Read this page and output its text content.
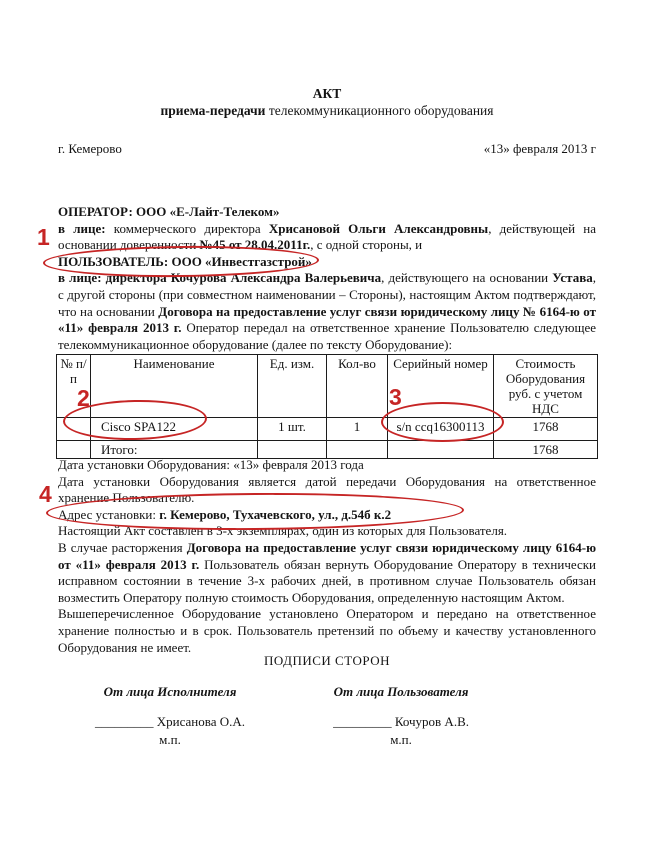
АКТ
приема-передачи телекоммуникационного оборудования
г. Кемерово	«13» февраля 2013 г
ОПЕРАТОР: ООО «Е-Лайт-Телеком»
в лице: коммерческого директора Хрисановой Ольги Александровны, действующей на основании доверенности №45 от 28.04.2011г., с одной стороны, и
ПОЛЬЗОВАТЕЛЬ: ООО «Инвестгазстрой»
в лице: директора Кочурова Александра Валерьевича, действующего на основании Устава, с другой стороны (при совместном наименовании – Стороны), настоящим Актом подтверждают, что на основании Договора на предоставление услуг связи юридическому лицу № 6164-ю от «11» февраля 2013 г. Оператор передал на ответственное хранение Пользователю следующее телекоммуникационное оборудование (далее по тексту Оборудование):
№ п/п	Наименование	Ед. изм.	Кол-во	Серийный номер	Стоимость Оборудования руб. с учетом НДС
	Cisco SPA122	1 шт.	1	s/n ccq16300113	1768
	Итого:				1768
Дата установки Оборудования: «13» февраля 2013 года
Дата установки Оборудования является датой передачи Оборудования на ответственное хранение Пользователю.
Адрес установки: г. Кемерово, Тухачевского, ул., д.54б к.2
Настоящий Акт составлен в 3-х экземплярах, один из которых для Пользователя.
В случае расторжения Договора на предоставление услуг связи юридическому лицу 6164-ю от «11» февраля 2013 г. Пользователь обязан вернуть Оборудование Оператору в технически исправном состоянии в течение 3-х рабочих дней, в противном случае Пользователь обязан возместить Оператору полную стоимость Оборудования, определенную настоящим Актом.
Вышеперечисленное Оборудование установлено Оператором и передано на ответственное хранение полностью и в срок. Пользователь претензий по объему и качеству установленного Оборудования не имеет.
ПОДПИСИ СТОРОН
От лица Исполнителя
_________ Хрисанова О.А.
м.п.
От лица Пользователя
_________ Кочуров А.В.
м.п.
1
2	3
4
